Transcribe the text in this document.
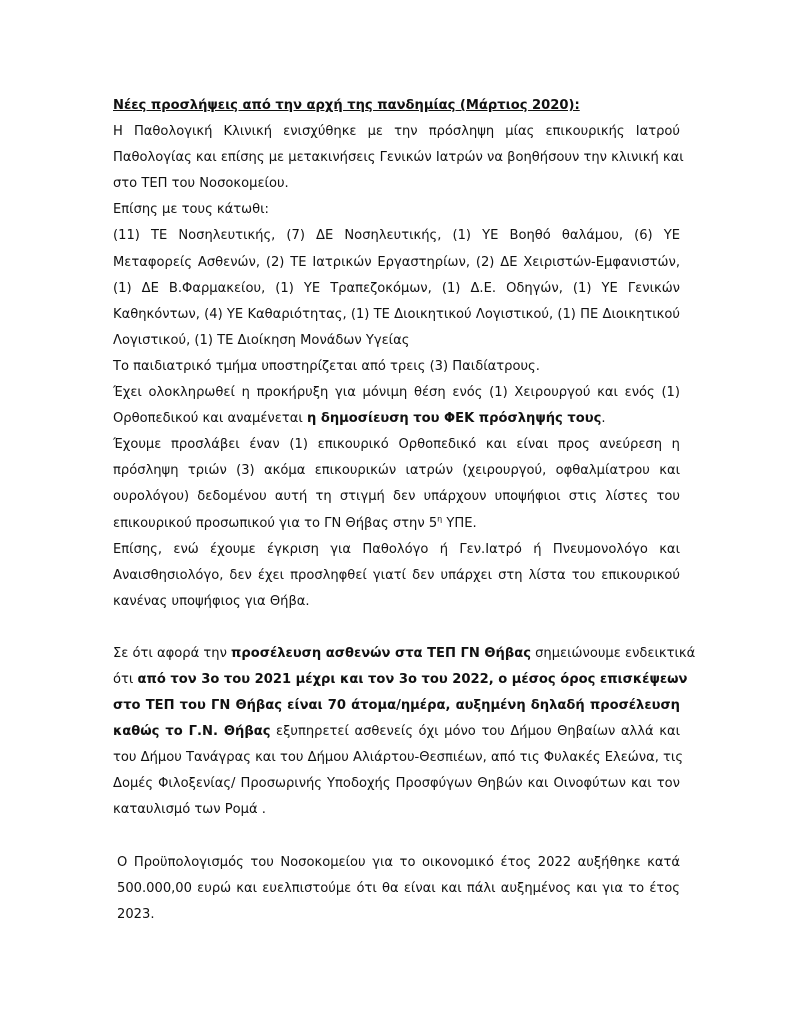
Νέες προσλήψεις από την αρχή της πανδημίας (Μάρτιος 2020):
Η Παθολογική Κλινική ενισχύθηκε με την πρόσληψη μίας επικουρικής Ιατρού
Παθολογίας και επίσης με μετακινήσεις Γενικών Ιατρών να βοηθήσουν την κλινική και
στο ΤΕΠ του Νοσοκομείου.
Επίσης με τους κάτωθι:
(11) ΤΕ Νοσηλευτικής, (7) ΔΕ Νοσηλευτικής, (1) ΥΕ Βοηθό θαλάμου, (6) ΥΕ
Μεταφορείς Ασθενών, (2) ΤΕ Ιατρικών Εργαστηρίων, (2) ΔΕ Χειριστών-Εμφανιστών,
(1) ΔΕ Β.Φαρμακείου, (1) ΥΕ Τραπεζοκόμων, (1) Δ.Ε. Οδηγών, (1) ΥΕ Γενικών
Καθηκόντων, (4) ΥΕ Καθαριότητας, (1) ΤΕ Διοικητικού Λογιστικού, (1) ΠΕ Διοικητικού
Λογιστικού, (1) ΤΕ Διοίκηση Μονάδων Υγείας
Το παιδιατρικό τμήμα υποστηρίζεται από τρεις (3) Παιδίατρους.
Έχει ολοκληρωθεί η προκήρυξη για μόνιμη θέση ενός (1) Χειρουργού και ενός (1)
Ορθοπεδικού και αναμένεται η δημοσίευση του ΦΕΚ πρόσληψής τους.
Έχουμε προσλάβει έναν (1) επικουρικό Ορθοπεδικό και είναι προς ανεύρεση η
πρόσληψη τριών (3) ακόμα επικουρικών ιατρών (χειρουργού, οφθαλμίατρου και
ουρολόγου) δεδομένου αυτή τη στιγμή δεν υπάρχουν υποψήφιοι στις λίστες του
επικουρικού προσωπικού για το ΓΝ Θήβας στην $5^\eta$ ΥΠΕ.
Επίσης, ενώ έχουμε έγκριση για Παθολόγο ή Γεν.Ιατρό ή Πνευμονολόγο και
Αναισθησιολόγο, δεν έχει προσληφθεί γιατί δεν υπάρχει στη λίστα του επικουρικού
κανένας υποψήφιος για Θήβα.
Σε ότι αφορά την προσέλευση ασθενών στα ΤΕΠ ΓΝ Θήβας σημειώνουμε ενδεικτικά
ότι από τον 3ο του 2021 μέχρι και τον 3ο του 2022, ο μέσος όρος επισκέψεων
στο ΤΕΠ του ΓΝ Θήβας είναι 70 άτομα/ημέρα, αυξημένη δηλαδή προσέλευση
καθώς το Γ.Ν. Θήβας εξυπηρετεί ασθενείς όχι μόνο του Δήμου Θηβαίων αλλά και
του Δήμου Τανάγρας και του Δήμου Αλιάρτου-Θεσπιέων, από τις Φυλακές Ελεώνα, τις
Δομές Φιλοξενίας/ Προσωρινής Υποδοχής Προσφύγων Θηβών και Οινοφύτων και τον
καταυλισμό των Ρομά .
Ο Προϋπολογισμός του Νοσοκομείου για το οικονομικό έτος 2022 αυξήθηκε κατά
500.000,00 ευρώ και ευελπιστούμε ότι θα είναι και πάλι αυξημένος και για το έτος
2023.
